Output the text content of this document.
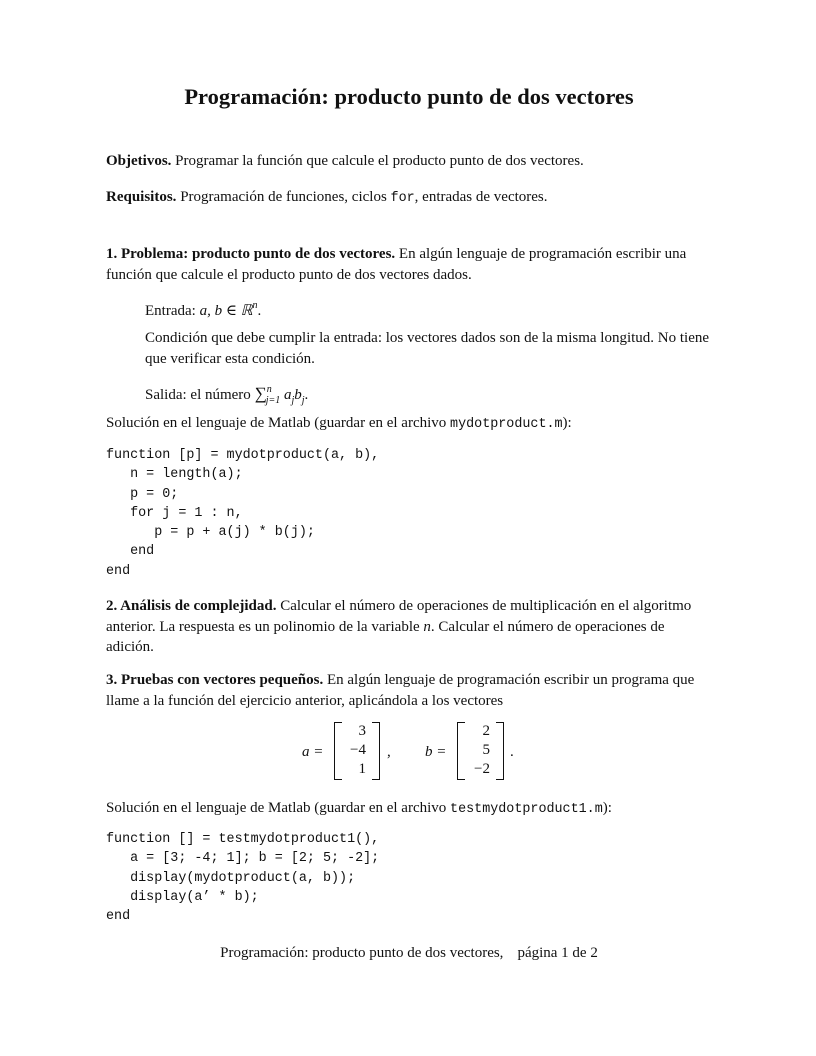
Programación: producto punto de dos vectores

Objetivos. Programar la función que calcule el producto punto de dos vectores.

Requisitos. Programación de funciones, ciclos for, entradas de vectores.

1. Problema: producto punto de dos vectores. En algún lenguaje de programación escribir una función que calcule el producto punto de dos vectores dados.

Entrada: a, b ∈ ℝ$^n$.

Condición que debe cumplir la entrada: los vectores dados son de la misma longitud. No tiene que verificar esta condición.

Salida: el número ∑$^n_{j=1}$ $a_jb_j$.

Solución en el lenguaje de Matlab (guardar en el archivo mydotproduct.m):

function [p] = mydotproduct(a, b),
n = length(a);
p = 0;
for j = 1 : n,
p = p + a(j) * b(j);
end
end

2. Análisis de complejidad. Calcular el número de operaciones de multiplicación en el algoritmo anterior. La respuesta es un polinomio de la variable n. Calcular el número de operaciones de adición.

3. Pruebas con vectores pequeños. En algún lenguaje de programación escribir un programa que llame a la función del ejercicio anterior, aplicándola a los vectores

a =
3
−4
1
, b =
2
5
−2
.

Solución en el lenguaje de Matlab (guardar en el archivo testmydotproduct1.m):

function [] = testmydotproduct1(),
a = [3; -4; 1]; b = [2; 5; -2];
display(mydotproduct(a, b));
display(a’ * b);
end
Programación: producto punto de dos vectores, página 1 de 2
